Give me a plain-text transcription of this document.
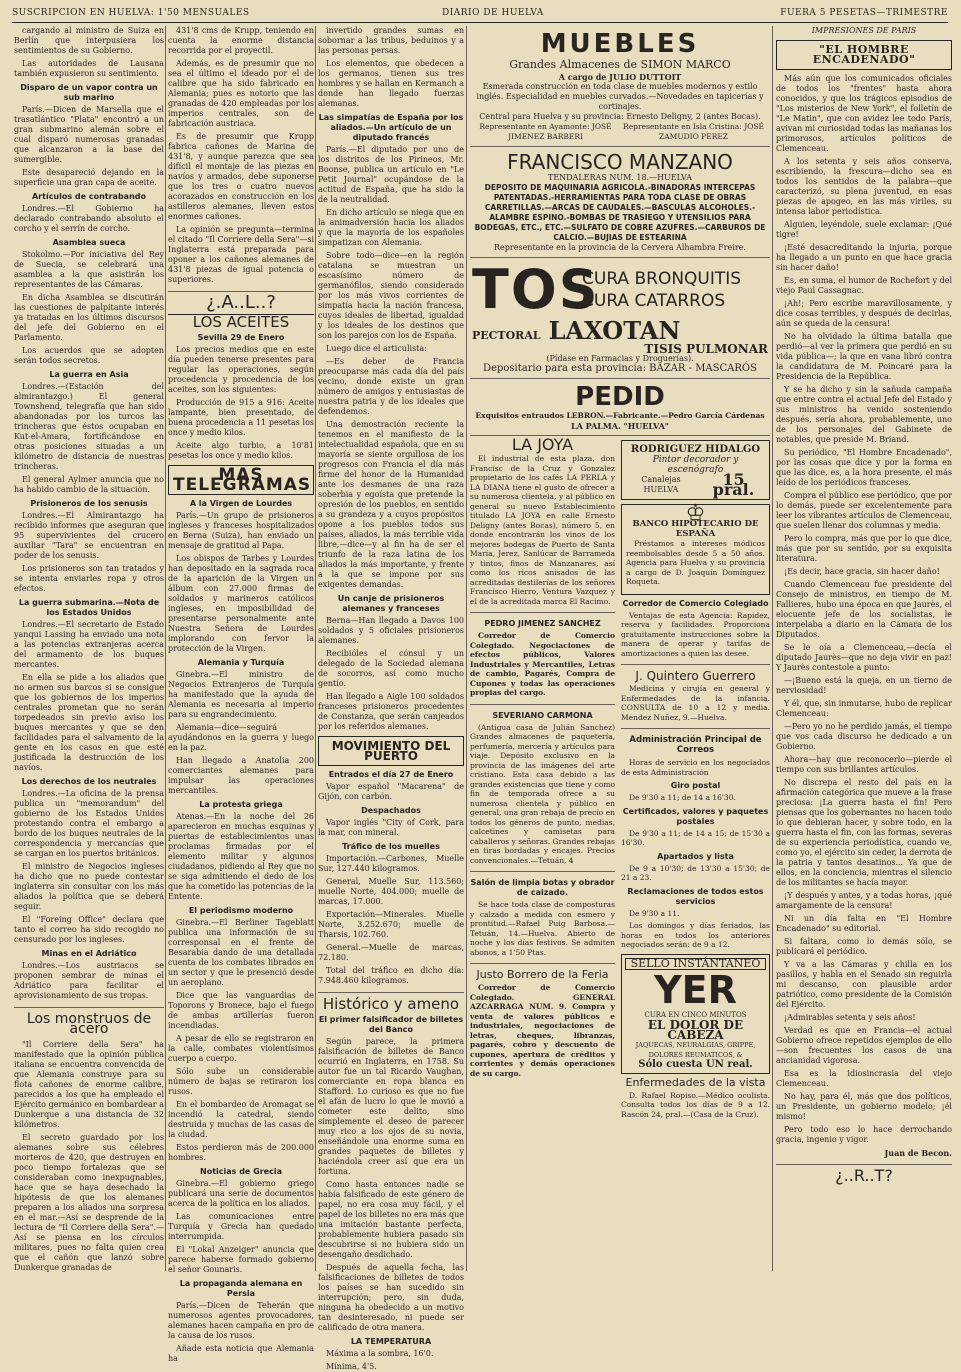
SUSCRIPCION EN HUELVA: 1'50 MENSUALES	DIARIO DE HUELVA	FUERA 5 PESETAS—TRIMESTRE

cargando al ministro de Suiza en Berlín que interpusiera los sentimientos de su Gobierno.

Las autoridades de Lausana también expusieron su sentimiento.

Disparo de un vapor contra un sub marino

París.—Dicen de Marsella que el trasatlántico "Plata" encontró a un gran submarino alemán sobre el cual disparó numerosas granadas que alcanzaron a la base del sumergible.

Este desapareció dejando en la superficie una gran capa de aceite.

Artículos de contrabando

Londres.—El Gobierno ha declarado contrabando absoluto el corcho y el serrín de corcho.

Asamblea sueca

Stokolmo.—Por iniciativa del Rey de Suecia, se celebrará una asamblea a la que asistirán los representantes de las Cámaras.

En dicha Asamblea se discutirán las cuestiones de palpitante interés ya tratadas en los últimos discursos del jefe del Gobierno en el Parlamento.

Los acuerdos que se adopten serán todos secretos.

La guerra en Asia

Londres.—(Estación del almirantazgo.) El general Townshend, telegrafía que han sido abandonadas por los turcos las trincheras que éstos ocupaban en Kut-el-Amara, fortificándose en otras posiciones situadas a un kilómetro de distancia de nuestras trincheras.

El general Aylmer anuncia que no ha habido cambio de la situación.

Prisioneros de los senusis

Londres.—El Almirantazgo ha recibido informes que aseguran que 95 supervivientes del crucero auxiliar "Tara" se encuentran en poder de los senusis.

Los prisioneros son tan tratados y se intenta enviarles ropa y otros efectos.

La guerra submarina.—Nota de los Estados Unidos

Londres.—El secretario de Estado yanqui Lassing ha enviado una nota a las potencias extranjeras acerca del armamento de los buques mercantes.

En ella se pide a los aliados que no armen sus barcos si se consigue que los gobiernos de los imperios centrales prometan que no serán torpedeados sin previo aviso los buques mercantes y que se den facilidades para el salvamento de la gente en los casos en que esté justificada la destrucción de los navíos.

Los derechos de los neutrales

Londres.—La oficina de la prensa publica un "memorandum" del gobierno de los Estados Unidos protestando contra el embargo a bordo de los buques neutrales de la correspondencia y mercancías que se cargan en los puertos británicos.

El ministro de Negocios ingleses ha dicho que no puede contestar inglaterra sin consultar con los más aliados la política que se deberá seguir.

El "Foreing Office" declara que tanto el correo ha sido recogido no censurado por los ingleses.

Minas en el Adriático

Londres.—Los austriacos se proponen sembrar de minas el Adriático para facilitar el aprovisionamiento de sus tropas.

Los monstruos de acero

"Il Corriere della Sera" ha manifestado que la opinión pública italiana se encuentra convencida de que Alemania construye para su flota cañones de enorme calibre, parecidos a los que ha empleado el Ejército germánico en bombardear a Dunkerque a una distancia de 32 kilómetros.

El secreto guardado por los alemanes sobre sus célebres morteros de 420, que destruyen en poco tiempo fortalezas que se consideraban como inexpugnables, hace que se haya desechado la hipótesis de que los alemanes preparen a los aliados una sorpresa en el mar.—Así se desprende de la lectura de "Il Corriere della Sera".—Así se piensa en los círculos militares, pues no falta quien crea que el cañón que lanzó sobre Dunkerque granadas de

431'8 cms de Krupp, teniendo en cuenta la enorme distancia recorrida por el proyectil.

Además, es de presumir que no sea el último el ideado por el de calibre que ha sido fabricado en Alemania; pues es notorio que las granadas de 420 empleadas por los imperios centrales, son de fabricación austriaca.

Es de presumir que Krupp fabrica cañones de Marina de 431'8, y aunque parezca que sea difícil el montaje de las piezas en navíos y armados, debe suponerse que los tres o cuatro nuevos acorazados en construcción en los astilleros alemanes, lleven estos enormes cañones.

La opinión se pregunta—termina el citado "Il Corriere della Sera"—si Inglaterra está preparada para oponer a los cañones alemanes de 431'8 piezas de igual potencia o superiores.

¿.A..L..?
LOS ACEITES
Sevilla 29 de Enero

Los precios medios que en este día pueden tenerse presentes para regular las operaciones, según procedencia y procedencia de los aceites, son los siguientes:

Producción de 915 a 916: Aceite lampante, bien presentado, de buena procedencia a 11 pesetas los once y medio kilos.

Aceite algo turbio, a 10'81 pesetas los once y medio kilos.

MAS TELEGRAMAS
A la Virgen de Lourdes

París.—Un grupo de prisioneros ingleses y franceses hospitalizados en Berna (Suiza), han enviado un mensaje de gratitud al Papa.

Los obispos de Tarbes y Lourdes han depositado en la sagrada roca de la aparición de la Virgen un álbum con 27.000 firmas de soldados y marineros católicos ingleses, en imposibilidad de presentarse personalmente ante Nuestra Señora de Lourdes implorando con fervor la protección de la Virgen.

Alemania y Turquía

Ginebra.—El ministro de Negocios Extranjeros de Turquía ha manifestado que la ayuda de Alemania es necesaria al imperio para su engrandecimiento.

Alemania—dice—seguirá ayudándonos en la guerra y luego en la paz.

Han llegado a Anatolia 200 comerciantes alemanes para impulsar las operaciones mercantiles.

La protesta griega

Atenas.—En la noche del 26 aparecieron en muchas esquinas y puertas de establecimientos unas proclamas firmadas por el elemento militar y algunos ciudadanos, pidiendo al Rey que no se siga admitiendo el dedo de los que ha cometido las potencias de la Entente.

El periodismo moderno

Ginebra.—El Berliner Tageblatt publica una información de su corresponsal en el frente de Besarabia dando de una detallada cuenta de los combates librados en un sector y que le presenció desde un aeroplano.

Dice que las vanguardias de Toporons y Bronece, bajo el fuego de ambas artillerías fueron incendiadas.

A pesar de ello se registraron en la calle, combates violentísimos cuerpo a cuerpo.

Sólo sube un considerable número de bajas se retiraron los rusos.

En el bombardeo de Aromagat se incendió la catedral, siendo destruida y muchas de las casas de la ciudad.

Estos perdieron más de 200.000 hombres.

Noticias de Grecia

Ginebra.—El gobierno griego publicará una serie de documentos acerca de la política en los aliados.

Las comunicaciones entre Turquía y Grecia han quedado interrumpida.

El "Lokal Anzeiger" anuncia que parece haberse formado gobierno el señor Gounaris.

La propaganda alemana en Persia

París.—Dicen de Teherán que numerosos agentes provocadores, alemanes hacen campaña en pro de la causa de los rusos.

Añade esta noticia que Alemania ha

invertido grandes sumas en sobornar a las tribus, beduinos y a las personas persas.

Los elementos, que obedecen a los germanos, tienen sus tres hombres y se hallan en Kermanch a donde han llegado fuerzas alemanas.

Las simpatías de España por los aliados.—Un artículo de un diputado francés

París.—El diputado por uno de los distritos de los Pirineos, Mr. Boonse, publica un artículo en "Le Petit Journal" ocupándose de la actitud de España, que ha sido la de la neutralidad.

En dicho artículo se niega que en la animadversión hacia los aliados y que la mayoría de los españoles simpatizan con Alemania.

Sobre todo—dice—en la región catalana se muestran un escasísimo número de germanófilos, siendo considerado por los más vivos corrientes de simpatía hacia la nación francesa, cuyos ideales de libertad, igualdad y los ideales de los destinos que son los parejos con los de España.

Luego dice el articulista:

—Es deber de Francia preocuparse más cada día del país vecino, donde existe un gran número de amigos y entusiastas de nuestra patria y de los ideales que defendemos.

Una demostración reciente la tenemos en el manifiesto de la intelectualidad española, que en su mayoría se siente orgullosa de los progresos con Francia el día más firme del honor de la Humanidad ante los desmanes de una raza soberbia y egoísta que pretende la opresión de los pueblos, en sentido a su grandeza y a cuyos propósitos opone a los pueblos todos sus países, aliados, la más terrible vida libre,—dice—y al fin ha de ser el triunfo de la raza latina de los aliados la más importante, y frente a la que se impone por sus exigentes demandas.

Un canje de prisioneros alemanes y franceses

Berna—Han llegado a Davos 100 soldados y 5 oficiales prisioneros alemanes.

Recibióles el cónsul y un delegado de la Sociedad alemana de socorros, así como mucho gentío.

Han llegado a Aigle 100 soldados franceses prisioneros procedentes de Constanza, que serán canjeados por los referidos alemanes.

MOVIMIENTO DEL PUERTO
Entrados el día 27 de Enero

Vapor español "Macarena" de Gijón, con carbón.

Despachados

Vapor inglés "City of Cork, para la mar, con mineral.

Tráfico de los muelles

Importación.—Carbones, Muelle Sur, 127.440 kilogramos.

General, Muelle Sur, 113.560; muelle Norte, 404.000; muelle de marcas, 17.000.

Exportación—Minerales. Muelle Norte, 3.252.670; muelle de Tharsis, 102.760.

General.—Muelle de marcas, 72.180.

Total del tráfico en dicho día: 7.948.460 kilogramos.

Histórico y ameno
El primer falsificador de billetes del Banco

Según parece, la primera falsificación de billetes de Banco ocurrió en Inglaterra, en 1758. Su autor fue un tal Ricardo Vaughan, comerciante en ropa blanca en Stafford. Lo curioso es que no fue el afán de lucro lo que le movió a cometer este delito, sino simplemente el deseo de parecer muy rico a los ojos de su novia, enseñándole una enorme suma en grandes paquetes de billetes y haciéndola creer así que era un fortuna.

Como hasta entonces nadie se había falsificado de este género de papel, no era cosa muy fácil, y el papel de los billetes no era más que una imitación bastante perfecta, probablemente hubiera pasado sin descubrirse si no hubiera sido un desengaño desdichado.

Después de aquella fecha, las falsificaciones de billetes de todos los países se han sucedido sin interrupción; pero, sin duda, ninguna ha obedecido a un motivo tan desinteresado, ni puede ser calificado de otra manera.

LA TEMPERATURA

Máxima a la sombra, 16'0.

Mínima, 4'5.

MUEBLES
Grandes Almacenes de SIMON MARCO
A cargo de JULIO DUTTOIT
Esmerada construcción en toda clase de muebles modernos y estilo inglés. Especialidad en muebles curvados.—Novedades en tapicerías y cortinajes.
Central para Huelva y su provincia: Ernesto Deligny, 2 (antes Bocas).
Representante en Ayamonte: JOSÉ JIMENEZ BARBERI
Representante en Isla Cristina: JOSÉ ZAMUDIO PEREZ
FRANCISCO MANZANO
TENDALERAS NUM. 18.—HUELVA
DEPOSITO DE MAQUINARIA AGRICOLA.-BINADORAS INTERCEPAS PATENTADAS.-HERRAMIENTAS PARA TODA CLASE DE OBRAS CARRETILLAS.—ARCAS DE CAUDALES.—BASCULAS ALCOHOLES.-ALAMBRE ESPINO.-BOMBAS DE TRASIEGO Y UTENSILIOS PARA BODEGAS, ETC., ETC.—SULFATO DE COBRE AZUFRES.—CARBUROS DE CALCIO.—BUJIAS DE ESTEARINA
Representante en la provincia de la Cervera Alhambra Freire.
TOS
CURA BRONQUITIS
CURA CATARROS
PECTORAL LAXOTAN
TISIS PULMONAR
(Pídase en Farmacias y Droguerías).
Depositario para esta provincia: BAZAR - MASCARÓS
PEDID
Exquisitos entraudos LEBRON.—Fabricante.—Pedro García Cárdenas
LA PALMA. "HUELVA"
LA JOYA

El industrial de esta plaza, don Francisc de la Cruz y Gonzalez propietario de los cafés LA PERLA y LA DIANA tiene el gusto de ofrecer a su numerosa clientela, y al público en general su nuevo Establecimiento titulado LA JOYA en calle Ernesto Deligny (antes Bocas), número 5, en donde encontrarán los vinos de los mejores bodegas de Puerto de Santa María, Jerez, Sanlúcar de Barrameda y tintos, finos de Manzanares, así como los ricos anisados de las acreditadas destilerías de los señores Francisco Hierro, Ventura Vazquez y el de la acreditada marca El Racimo.

PEDRO JIMENEZ SANCHEZ

Corredor de Comercio Colegiado. Negociaciones de efectos públicos, Valores Industriales y Mercantiles, Letras de cambio, Pagarés, Compra de Cupones y todas las operaciones propias del cargo.

SEVERIANO CARMONA

(Antigua casa de Julián Sanchez) Grandes almacenes de paquetería, perfumería, mercería y artículos para viaje. Depósito exclusivo en la provincia de las imágenes del arte cristiano. Esta casa debido a las grandes existencias que tiene y como fin de temporada ofrece a su numerosa clientela y público en general, una gran rebaja de precio en todos los géneros de punto, medias, calcetines y camisetas para caballeros y señoras. Grandes rebajas en tiras bordadas y encajes. Precios convencionales.—Tetuán, 4

Salón de limpia botas y obrador de calzado.

Se hace toda clase de composturas y calzado a medida con esmero y prontitud.—Rafael Puig Barbosa.—Tetuán, 14.—Huelva. Abierto de noche y los días festivos. Se admiten abonos, a 1'50 Ptas.

Justo Borrero de la Feria

Corredor de Comercio Colegiado. GENERAL AZCARRAGA NUM. 9. Compra y venta de valores públicos e industriales, negociaciones de letras, cheques, libranzas, pagarés, cobro y descuento de cupones, apertura de créditos y corrientes y demás operaciones de su cargo.

RODRIGUEZ HIDALGO
Pintor decorador y escenógrafo
Canalejas HUELVA
15 pral.
♔
BANCO HIPOTECARIO DE ESPAÑA

Préstamos a intereses módicos reembolsables desde 5 a 50 años. Agencia para Huelva y su provincia a cargo de D. Joaquín Domínguez Roqueta.

Corredor de Comercio Colegiado

Ventajas de esta Agencia: Rapidez, reserva y facilidades. Proporciona gratuitamente instrucciones sobre la manera de operar y tarifas de amortizaciones a quien las desee.

J. Quintero Guerrero

Medicina y cirujía en general y Enfermedades de la infancia. CONSULTA de 10 a 12 y media. Mendez Nuñez, 9.—Huelva.

Administración Principal de Correos

Horas de servicio en los negociados de esta Administración

Giro postal

De 9'30 a 11; de 14 a 16'30.

Certificados, valores y paquetes postales

De 9'30 a 11; de 14 a 15; de 15'30 a 16'30.

Apartados y lista

De 9 a 10'30; de 13'30 a 15'30; de 21 a 23.

Reclamaciones de todos estos servicios

De 9'30 a 11.

Los domingos y días feriados, las horas en todos los anteriores negociados serán: de 9 a 12.

SELLO INSTÁNTANEO
YER
CURA EN CINCO MINUTOS
EL DOLOR DE CABEZA
JAQUECAS, NEURALGIAS, GRIPPE, DOLORES REUMATICOS, &
Sólo cuesta UN real.
Enfermedades de la vista

D. Rafael Ropiso.—Médico oculista. Consulta todos los días de 9 a 12. Rascón 24, pral.—(Casa de la Cruz).

IMPRESIONES DE PARIS
"EL HOMBRE ENCADENADO"

Más aún que los comunicados oficiales de todos los "frentes" hasta ahora conocidos, y que los trágicos episodios de "Los misterios de New York", el folletín de "Le Matin", que con avidez lee todo París, avivan mi curiosidad todas las mañanas los primorosos, artículos políticos de Clemenceau.

A los setenta y seis años conserva, escribiendo, la frescura—dicho sea en todos los sentidos de la palabra—que caracterizó, su plena juventud, en esas piezas de apogeo, en las más viriles, su intensa labor periodística.

Alguien, leyéndole, suele exclamar: ¡Qué tigre!

¡Esté desacreditando la injuria, porque ha llegado a un punto en que hace gracia sin hacer daño!

Es, en suma, el humor de Rochefort y del viejo Paul Cassagnac.

¡Ah!; Pero escribe maravillosamente, y dice cosas terribles, y después de decirlas, aún se queda de la censura!

No ha olvidado la última batalla que perdió—al ver la primera que perdió en su vida pública—; la que en vana libró contra la candidatura de M. Poincaré para la Presidencia de la República.

Y se ha dicho y sin la sañuda campaña que entre contra el actual Jefe del Estado y sus ministros ha venido sosteniendo después, sería ahora, probablemente, uno de los personajes del Gabinete de notables, que preside M. Briand.

Su periódico, "El Hombre Encadenado", por las cosas que dice y por la forma en que las dice, es, a la hora presente, el más leído de los periódicos franceses.

Compra el público ese periódico, que por lo demás, puede ser excelentemente para leer los vibrantes artículos de Clemenceau, que suelen llenar dos columnas y media.

Pero lo compra, más que por lo que dice, más que por su sentido, por su exquisita literatura.

¡Es decir, hace gracia, sin hacer daño!

Cuando Clemenceau fue presidente del Consejo de ministros, en tiempo de M. Fallieres, hubo una época en que Jaurès, el elocuente jefe de los socialistas, le interpelaba a diario en la Cámara de los Diputados.

Se le oía a Clemenceau,—decía el diputado Jaurès—que no deja vivir en paz! Y Jaurès contestole a punto:

—¡Bueno está la queja, en un tierno de nerviosidad!

Y él, que, sin inmutarse, hubo de replicar Clemenceau:

—Pero yo no he perdido jamás, el tiempo que vos cada discurso he dedicado a un Gobierno.

Ahora—hay que reconocerlo—pierde el tiempo con sus brillantes artículos.

No discrepa el resto del país en la afirmación categórica que mueve a la frase preciosa: ¡La guerra hasta el fin! Pero piensas que los gobernantes no hacen todo lo que debieran hacer, y sobre todo, en la guerra hasta el fin, con las formas, severas de su experiencia periodística, cuando ve, como yo, el ejército sin ceder, la derrota de la patria y tantos desatinos... Ya que de ellos, en la conciencia, mientras el silencio de los militantes se hacía mayor.

¡Y después y antes, y a todas horas, ¡qué amargamente de la censura!

Ni un día falta en "El Hombre Encadenado" su editorial.

Si faltara, como lo demás sólo, se publicará el periódico.

Y va a las Cámaras y chilla en los pasillos, y habla en el Senado sin reguirla mi descanso, con plausible ardor patriótico, como presidente de la Comisión del Ejército.

¡Admirables setenta y seis años!

Verdad es que en Francia—el actual Gobierno ofrece repetidos ejemplos de ello—son frecuentes los casos de una ancianidad vigorosa.

Esa es la idiosincrasia del viejo Clemenceau.

No hay, para él, más que dos políticos, un Presidente, un gobierno modelo; ¡él mismo!

Pero todo eso lo hace derrochando gracia, ingenio y vigor.

Juan de Becon.
¿..R..T?
